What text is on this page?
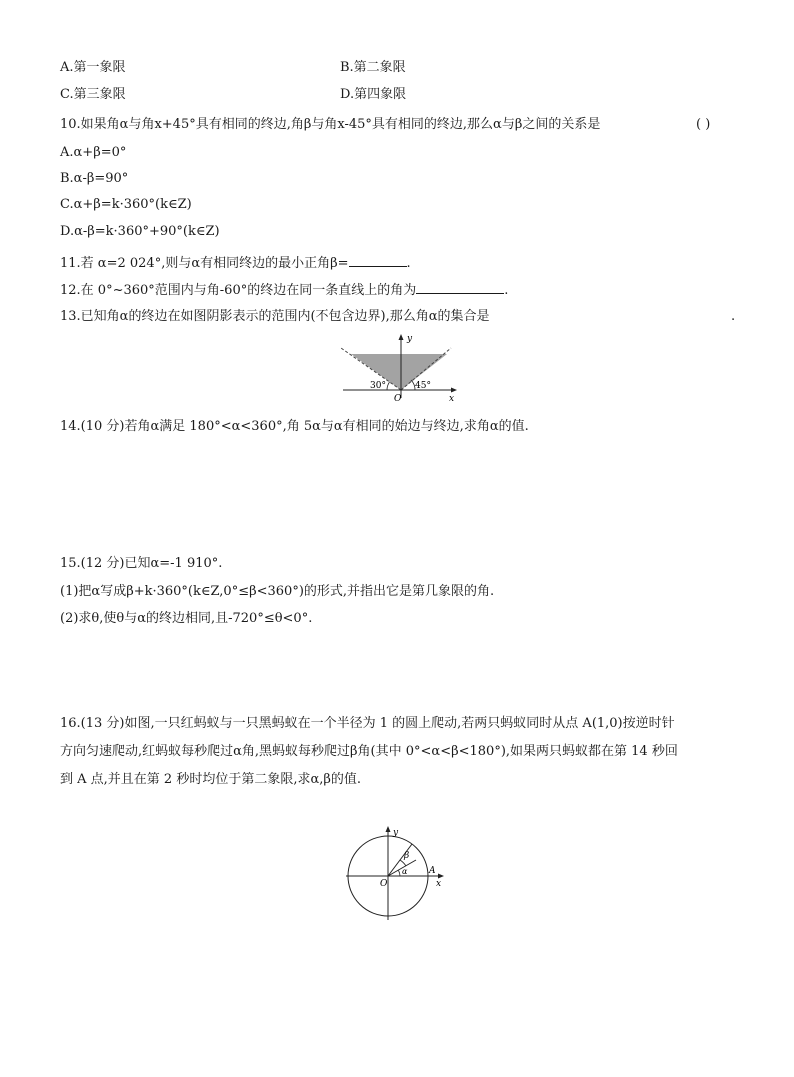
A.第一象限	B.第二象限
C.第三象限	D.第四象限
10.如果角α与角x+45°具有相同的终边,角β与角x-45°具有相同的终边,那么α与β之间的关系是	( )
A.α+β=0°
B.α-β=90°
C.α+β=k·360°(k∈Z)
D.α-β=k·360°+90°(k∈Z)
11.若 α=2 024°,则与α有相同终边的最小正角β=	.
12.在 0°~360°范围内与角-60°的终边在同一条直线上的角为	.
13.已知角α的终边在如图阴影表示的范围内(不包含边界),那么角α的集合是	.
y
x
O
30°	45°
14.(10 分)若角α满足 180°<α<360°,角 5α与α有相同的始边与终边,求角α的值.
15.(12 分)已知α=-1 910°.
(1)把α写成β+k·360°(k∈Z,0°≤β<360°)的形式,并指出它是第几象限的角.
(2)求θ,使θ与α的终边相同,且-720°≤θ<0°.
16.(13 分)如图,一只红蚂蚁与一只黑蚂蚁在一个半径为 1 的圆上爬动,若两只蚂蚁同时从点 A(1,0)按逆时针
方向匀速爬动,红蚂蚁每秒爬过α角,黑蚂蚁每秒爬过β角(其中 0°<α<β<180°),如果两只蚂蚁都在第 14 秒回
到 A 点,并且在第 2 秒时均位于第二象限,求α,β的值.
y
x
O
A
α
β
